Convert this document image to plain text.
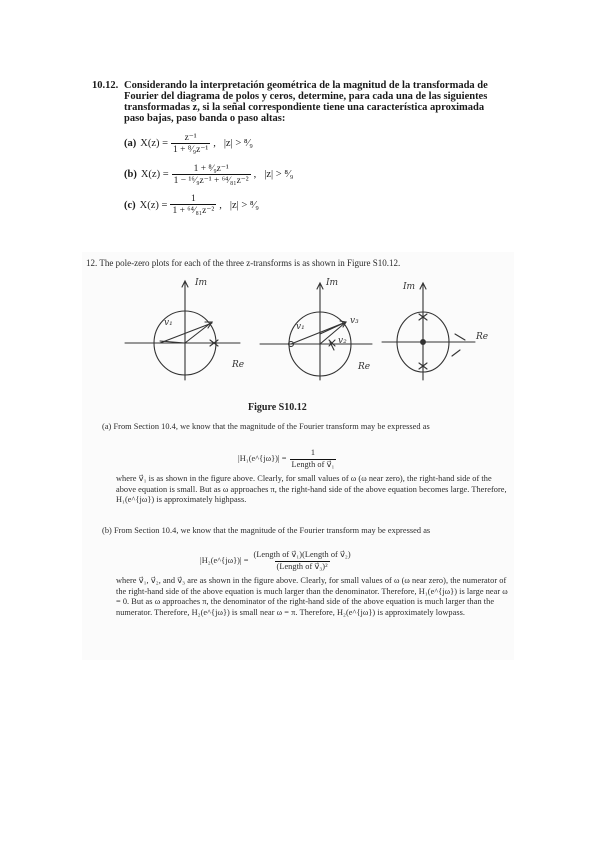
10.12. Considerando la interpretación geométrica de la magnitud de la transformada de
Fourier del diagrama de polos y ceros, determine, para cada una de las siguientes
transformadas z, si la señal correspondiente tiene una característica aproximada
paso bajas, paso banda o paso altas:
(a) $X(z) = \frac{\text{z⁻¹}}{\text{1 + ⁸⁄₉z⁻¹}}$ , |z| > ⁸⁄₉
(b) $X(z) = \frac{\text{1 + ⁸⁄₉z⁻¹}}{\text{1 − ¹⁶⁄₉z⁻¹ + ⁶⁴⁄₈₁z⁻²}}$ , |z| > ⁸⁄₉
(c) $X(z) = \frac{1}{\text{1 + ⁶⁴⁄₈₁z⁻²}}$ , |z| > ⁸⁄₉
12. The pole-zero plots for each of the three z-transforms is as shown in Figure S10.12.
Im
Re
v₁
Im
Re
v₁
v₂
v₃
Im
Re
Figure S10.12
(a) From Section 10.4, we know that the magnitude of the Fourier transform may be expressed as
|H₁(e^{jω})| = $\frac{1}{\text{Length of v⃗₁}}$
where v⃗₁ is as shown in the figure above. Clearly, for small values of ω (ω near zero), the right-hand side of the above equation is small. But as ω approaches π, the right-hand side of the above equation becomes large. Therefore, H₁(e^{jω}) is approximately highpass.
(b) From Section 10.4, we know that the magnitude of the Fourier transform may be expressed as
|H₂(e^{jω})| = $\frac{\text{(Length of v⃗₁)(Length of v⃗₂)}}{\text{(Length of v⃗₃)²}}$
where v⃗₁, v⃗₂, and v⃗₃ are as shown in the figure above. Clearly, for small values of ω (ω near zero), the numerator of the right-hand side of the above equation is much larger than the denominator. Therefore, H₁(e^{jω}) is large near ω = 0. But as ω approaches π, the denominator of the right-hand side of the above equation is much larger than the numerator. Therefore, H₂(e^{jω}) is small near ω = π. Therefore, H₂(e^{jω}) is approximately lowpass.
